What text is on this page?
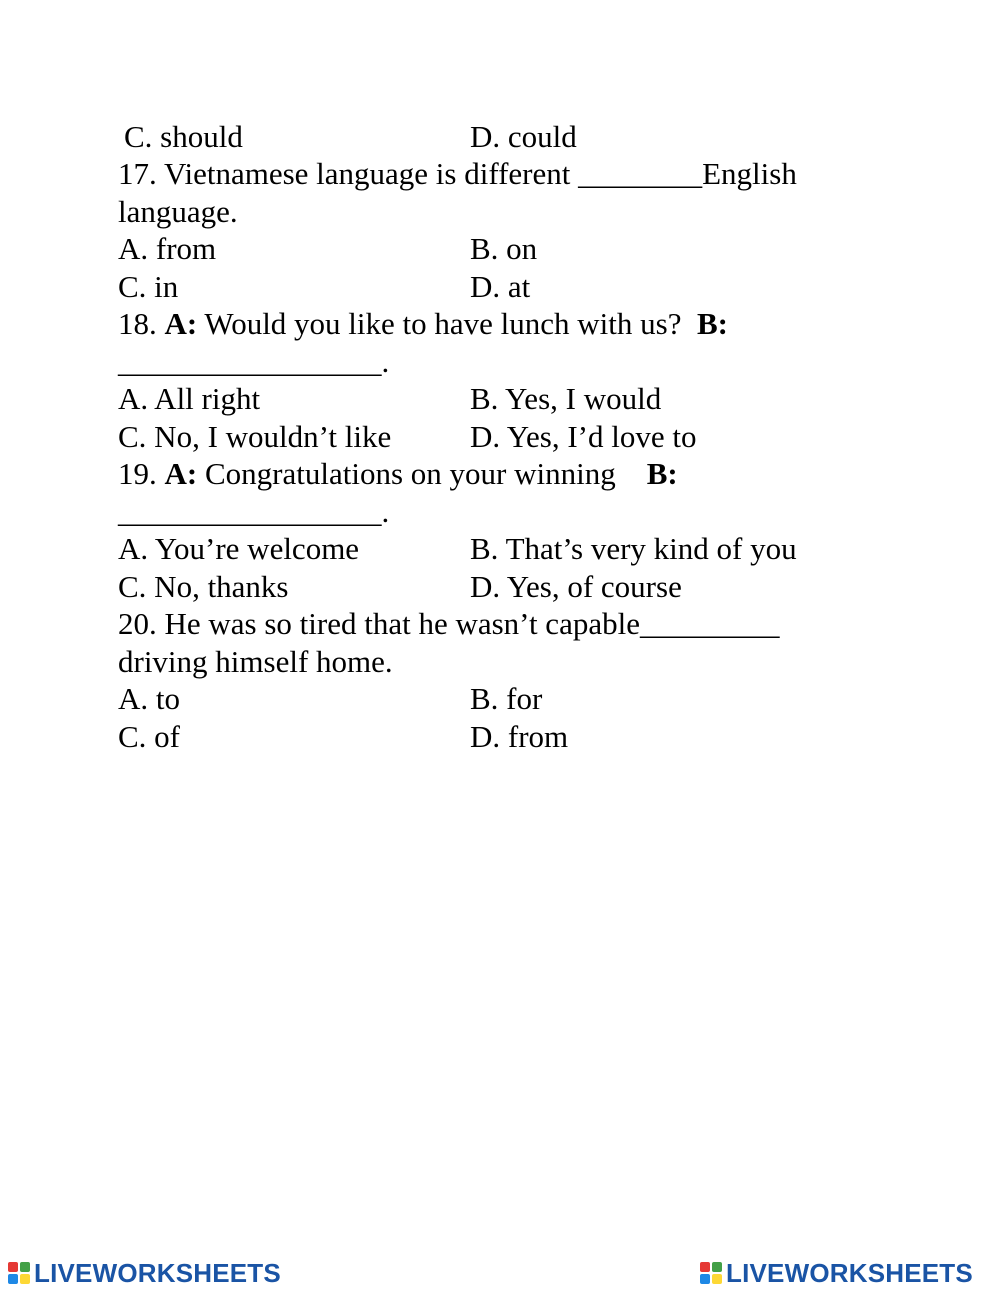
C. should	D. could
17. Vietnamese language is different ________English
language.
A. from	B. on
C. in	D. at
18. A: Would you like to have lunch with us? B:
_________________.
A. All right	B. Yes, I would
C. No, I wouldn’t like	D. Yes, I’d love to
19. A: Congratulations on your winning B:
_________________.
A. You’re welcome	B. That’s very kind of you
C. No, thanks	D. Yes, of course
20. He was so tired that he wasn’t capable_________
driving himself home.
A. to	B. for
C. of	D. from
LIVEWORKSHEETS	LIVEWORKSHEETS
